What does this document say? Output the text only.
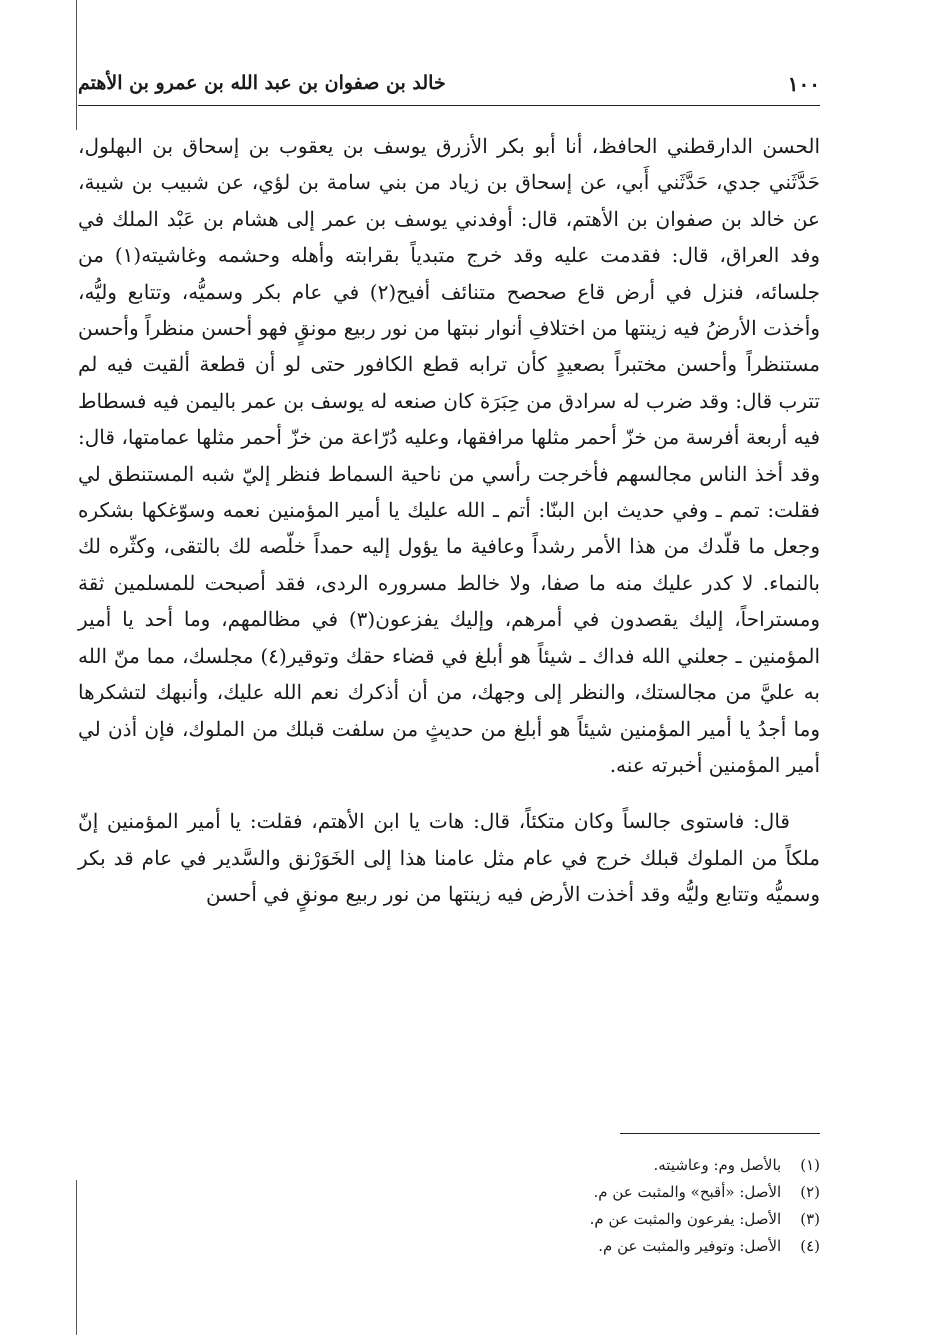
١٠٠
خالد بن صفوان بن عبد الله بن عمرو بن الأهتم

الحسن الدارقطني الحافظ، أنا أبو بكر الأزرق يوسف بن يعقوب بن إسحاق بن البهلول، حَدَّثَني جدي، حَدَّثَني أَبي، عن إسحاق بن زياد من بني سامة بن لؤي، عن شبيب بن شيبة، عن خالد بن صفوان بن الأهتم، قال: أوفدني يوسف بن عمر إلى هشام بن عَبْد الملك في وفد العراق، قال: فقدمت عليه وقد خرج متبدياً بقرابته وأهله وحشمه وغاشيته(١) من جلسائه، فنزل في أرض قاع صحصح متنائف أفيح(٢) في عام بكر وسميُّه، وتتابع وليُّه، وأخذت الأرضُ فيه زينتها من اختلافِ أنوار نبتها من نور ربيع مونقٍ فهو أحسن منظراً وأحسن مستنظراً وأحسن مختبراً بصعيدٍ كأن ترابه قطع الكافور حتى لو أن قطعة ألقيت فيه لم تترب قال: وقد ضرب له سرادق من حِبَرَة كان صنعه له يوسف بن عمر باليمن فيه فسطاط فيه أربعة أفرسة من خزّ أحمر مثلها مرافقها، وعليه دُرّاعة من خزّ أحمر مثلها عمامتها، قال: وقد أخذ الناس مجالسهم فأخرجت رأسي من ناحية السماط فنظر إليّ شبه المستنطق لي فقلت: تمم ـ وفي حديث ابن البنّا: أتم ـ الله عليك يا أمير المؤمنين نعمه وسوّغكها بشكره وجعل ما قلّدك من هذا الأمر رشداً وعافية ما يؤول إليه حمداً خلّصه لك بالتقى، وكثّره لك بالنماء. لا كدر عليك منه ما صفا، ولا خالط مسروره الردى، فقد أصبحت للمسلمين ثقة ومستراحاً، إليك يقصدون في أمرهم، وإليك يفزعون(٣) في مظالمهم، وما أحد يا أمير المؤمنين ـ جعلني الله فداك ـ شيئاً هو أبلغ في قضاء حقك وتوقير(٤) مجلسك، مما منّ الله به عليَّ من مجالستك، والنظر إلى وجهك، من أن أذكرك نعم الله عليك، وأنبهك لتشكرها وما أجدُ يا أمير المؤمنين شيئاً هو أبلغ من حديثٍ من سلفت قبلك من الملوك، فإن أذن لي أمير المؤمنين أخبرته عنه.

قال: فاستوى جالساً وكان متكئاً، قال: هات يا ابن الأهتم، فقلت: يا أمير المؤمنين إنّ ملكاً من الملوك قبلك خرج في عام مثل عامنا هذا إلى الخَوَرْنق والسَّدير في عام قد بكر وسميُّه وتتابع وليُّه وقد أخذت الأرض فيه زينتها من نور ربيع مونقٍ في أحسن

(١) بالأصل وم: وعاشيته.
(٢) الأصل: «أقبح» والمثبت عن م.
(٣) الأصل: يفرعون والمثبت عن م.
(٤) الأصل: وتوفير والمثبت عن م.
